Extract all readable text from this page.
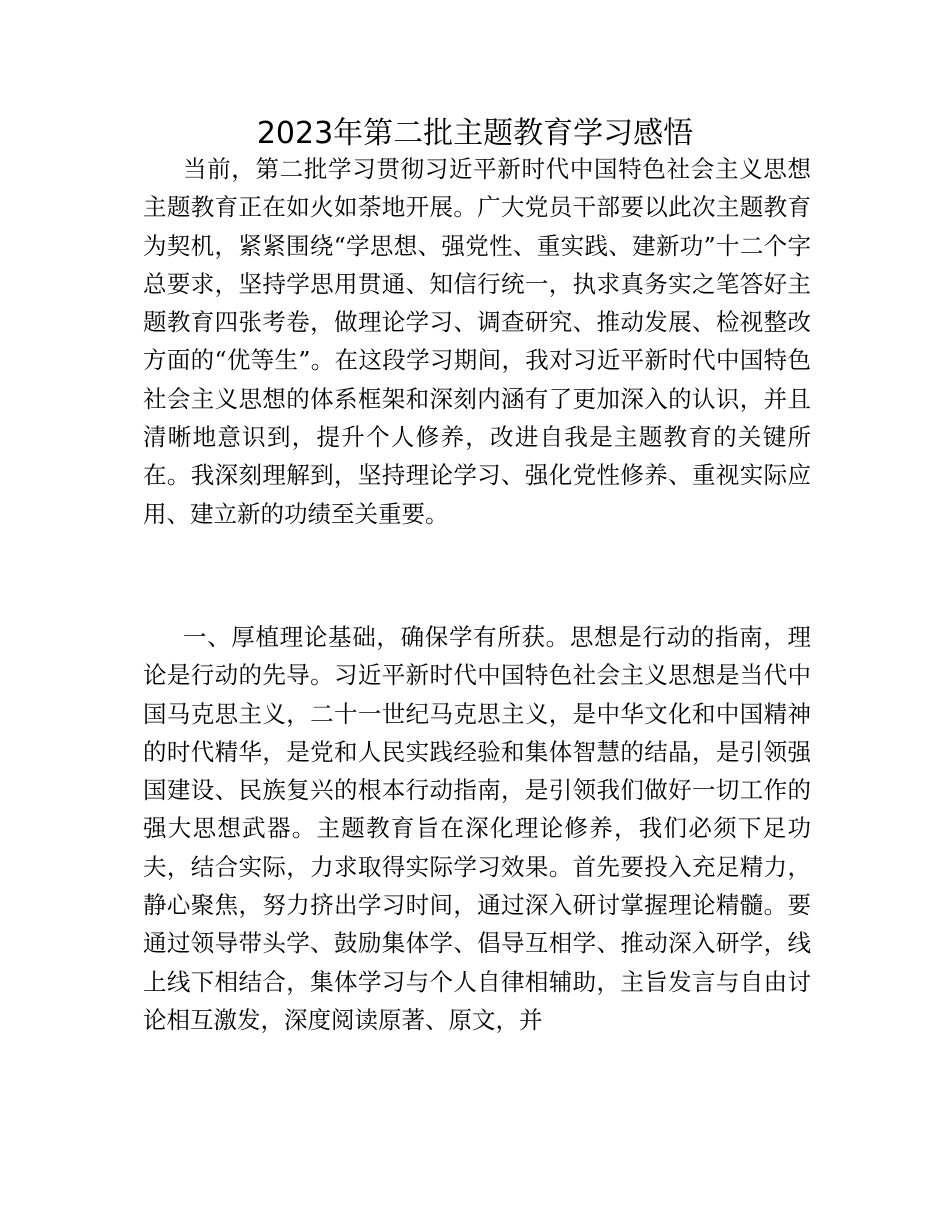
2023年第二批主题教育学习感悟

当前，第二批学习贯彻习近平新时代中国特色社会主义思想主题教育正在如火如荼地开展。广大党员干部要以此次主题教育为契机，紧紧围绕“学思想、强党性、重实践、建新功”十二个字总要求，坚持学思用贯通、知信行统一，执求真务实之笔答好主题教育四张考卷，做理论学习、调查研究、推动发展、检视整改方面的“优等生”。在这段学习期间，我对习近平新时代中国特色社会主义思想的体系框架和深刻内涵有了更加深入的认识，并且清晰地意识到，提升个人修养，改进自我是主题教育的关键所在。我深刻理解到，坚持理论学习、强化党性修养、重视实际应用、建立新的功绩至关重要。

一、厚植理论基础，确保学有所获。思想是行动的指南，理论是行动的先导。习近平新时代中国特色社会主义思想是当代中国马克思主义，二十一世纪马克思主义，是中华文化和中国精神的时代精华，是党和人民实践经验和集体智慧的结晶，是引领强国建设、民族复兴的根本行动指南，是引领我们做好一切工作的强大思想武器。主题教育旨在深化理论修养，我们必须下足功夫，结合实际，力求取得实际学习效果。首先要投入充足精力，静心聚焦，努力挤出学习时间，通过深入研讨掌握理论精髓。要通过领导带头学、鼓励集体学、倡导互相学、推动深入研学，线上线下相结合，集体学习与个人自律相辅助，主旨发言与自由讨论相互激发，深度阅读原著、原文，并
